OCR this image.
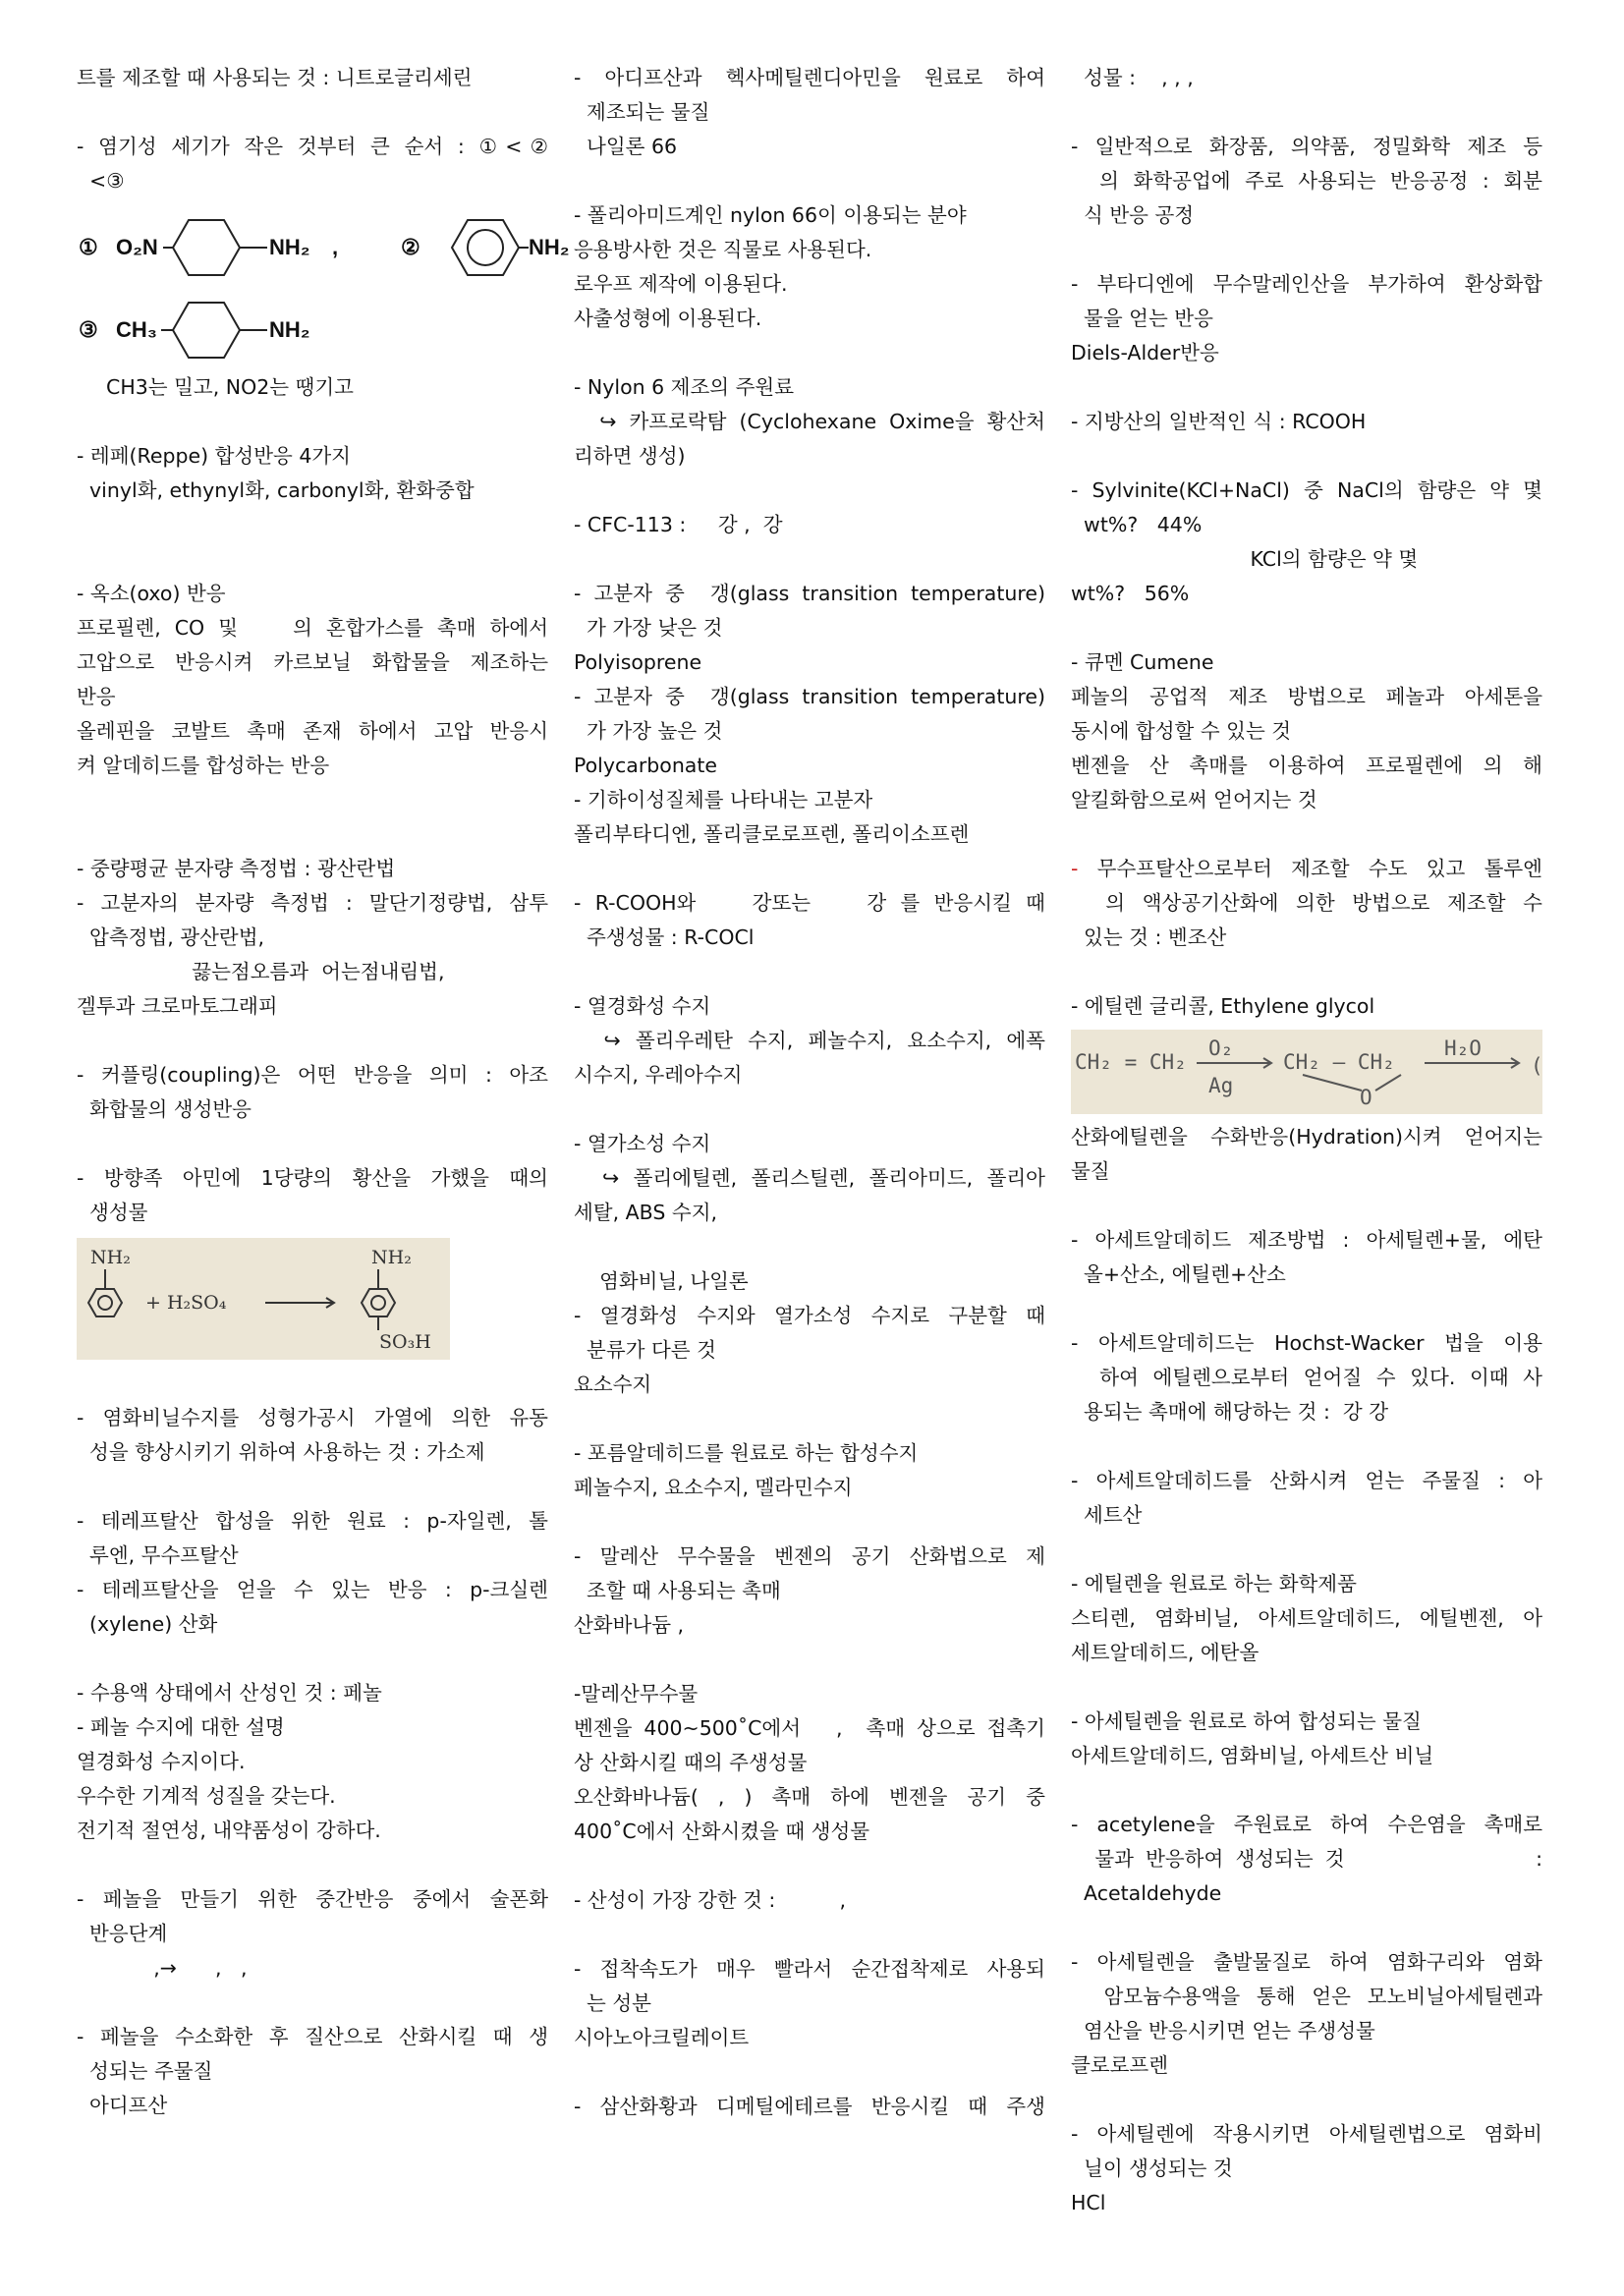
트를 제조할 때 사용되는 것 : 니트로글리세린
- 염기성 세기가 작은 것부터 큰 순서 : ①<②
<③
① O₂N	NH₂ ,	②	NH₂
③ CH₃	NH₂
CH3는 밀고, NO2는 땡기고
- 레페(Reppe) 합성반응 4가지
vinyl화, ethynyl화, carbonyl화, 환화중합
- 옥소(oxo) 반응
프로필렌, CO 및    의 혼합가스를 촉매 하에서
고압으로 반응시켜 카르보닐 화합물을 제조하는
반응
올레핀을 코발트 촉매 존재 하에서 고압 반응시
켜 알데히드를 합성하는 반응
- 중량평균 분자량 측정법 : 광산란법
- 고분자의 분자량 측정법 : 말단기정량법, 삼투
압측정법, 광산란법,
끓는점오름과  어는점내림법,
겔투과 크로마토그래피
- 커플링(coupling)은 어떤 반응을 의미 : 아조
화합물의 생성반응
- 방향족 아민에 1당량의 황산을 가했을 때의
생성물
NH₂
+ H₂SO₄
NH₂
SO₃H
- 염화비닐수지를 성형가공시 가열에 의한 유동
성을 향상시키기 위하여 사용하는 것 : 가소제
- 테레프탈산 합성을 위한 원료 : p-자일렌, 톨
루엔, 무수프탈산
- 테레프탈산을 얻을 수 있는 반응 : p-크실렌
(xylene) 산화
- 수용액 상태에서 산성인 것 : 페놀
- 페놀 수지에 대한 설명
열경화성 수지이다.
우수한 기계적 성질을 갖는다.
전기적 절연성, 내약품성이 강하다.
- 페놀을 만들기 위한 중간반응 중에서 술폰화
반응단계
,→      ,   ,
- 페놀을 수소화한 후 질산으로 산화시킬 때 생
성되는 주물질
아디프산
- 아디프산과 헥사메틸렌디아민을 원료로 하여
제조되는 물질
나일론 66
- 폴리아미드계인 nylon 66이 이용되는 분야
응용방사한 것은 직물로 사용된다.
로우프 제작에 이용된다.
사출성형에 이용된다.
- Nylon 6 제조의 주원료
↪ 카프로락탐 (Cyclohexane Oxime을 황산처
리하면 생성)
- CFC-113 :     강 ,  강
- 고분자 중  갱(glass transition temperature)
가 가장 낮은 것
Polyisoprene
- 고분자 중  갱(glass transition temperature)
가 가장 높은 것
Polycarbonate
- 기하이성질체를 나타내는 고분자
폴리부타디엔, 폴리클로로프렌, 폴리이소프렌
- R-COOH와    강또는    강 를 반응시킬 때
주생성물 : R-COCl
- 열경화성 수지
↪ 폴리우레탄 수지, 페놀수지, 요소수지, 에폭
시수지, 우레아수지
- 열가소성 수지
↪ 폴리에틸렌, 폴리스틸렌, 폴리아미드, 폴리아
세탈, ABS 수지,

염화비닐, 나일론
- 열경화성 수지와 열가소성 수지로 구분할 때
분류가 다른 것
요소수지
- 포름알데히드를 원료로 하는 합성수지
페놀수지, 요소수지, 멜라민수지
- 말레산 무수물을 벤젠의 공기 산화법으로 제
조할 때 사용되는 촉매
산화바나듐 ,
-말레산무수물
벤젠을 400~500˚C에서   ,  촉매 상으로 접촉기
상 산화시킬 때의 주생성물
오산화바나듐( , ) 촉매 하에 벤젠을 공기 중
400˚C에서 산화시켰을 때 생성물
- 산성이 가장 강한 것 :          ,
- 접착속도가 매우 빨라서 순간접착제로 사용되
는 성분
시아노아크릴레이트
- 삼산화황과 디메틸에테르를 반응시킬 때 주생
성물 :    , , ,
- 일반적으로 화장품, 의약품, 정밀화학 제조 등
의 화학공업에 주로 사용되는 반응공정 : 회분
식 반응 공정
- 부타디엔에 무수말레인산을 부가하여 환상화합
물을 얻는 반응
Diels-Alder반응
- 지방산의 일반적인 식 : RCOOH
- Sylvinite(KCl+NaCl) 중 NaCl의 함량은 약 몇
wt%?   44%
KCl의 함량은 약 몇
wt%?   56%
- 큐멘 Cumene
페놀의 공업적 제조 방법으로 페놀과 아세톤을
동시에 합성할 수 있는 것
벤젠을 산 촉매를 이용하여 프로필렌에 의 해
알킬화함으로써 얻어지는 것
- 무수프탈산으로부터 제조할 수도 있고 톨루엔
의 액상공기산화에 의한 방법으로 제조할 수
있는 것 : 벤조산
- 에틸렌 글리콜, Ethylene glycol
CH₂ = CH₂
O₂
Ag
CH₂ – CH₂
O
H₂O
(
산화에틸렌을 수화반응(Hydration)시켜 얻어지는
물질
- 아세트알데히드 제조방법 : 아세틸렌+물, 에탄
올+산소, 에틸렌+산소
- 아세트알데히드는 Hochst-Wacker 법을 이용
하여 에틸렌으로부터 얻어질 수 있다. 이때 사
용되는 촉매에 해당하는 것 :  강 강
- 아세트알데히드를 산화시켜 얻는 주물질 : 아
세트산
- 에틸렌을 원료로 하는 화학제품
스티렌, 염화비닐, 아세트알데히드, 에틸벤젠, 아
세트알데히드, 에탄올
- 아세틸렌을 원료로 하여 합성되는 물질
아세트알데히드, 염화비닐, 아세트산 비닐
- acetylene을 주원료로 하여 수은염을 촉매로
물과 반응하여 생성되는 것                :
Acetaldehyde
- 아세틸렌을 출발물질로 하여 염화구리와 염화
암모늄수용액을 통해 얻은 모노비닐아세틸렌과
염산을 반응시키면 얻는 주생성물
클로로프렌
- 아세틸렌에 작용시키면 아세틸렌법으로 염화비
닐이 생성되는 것
HCl
